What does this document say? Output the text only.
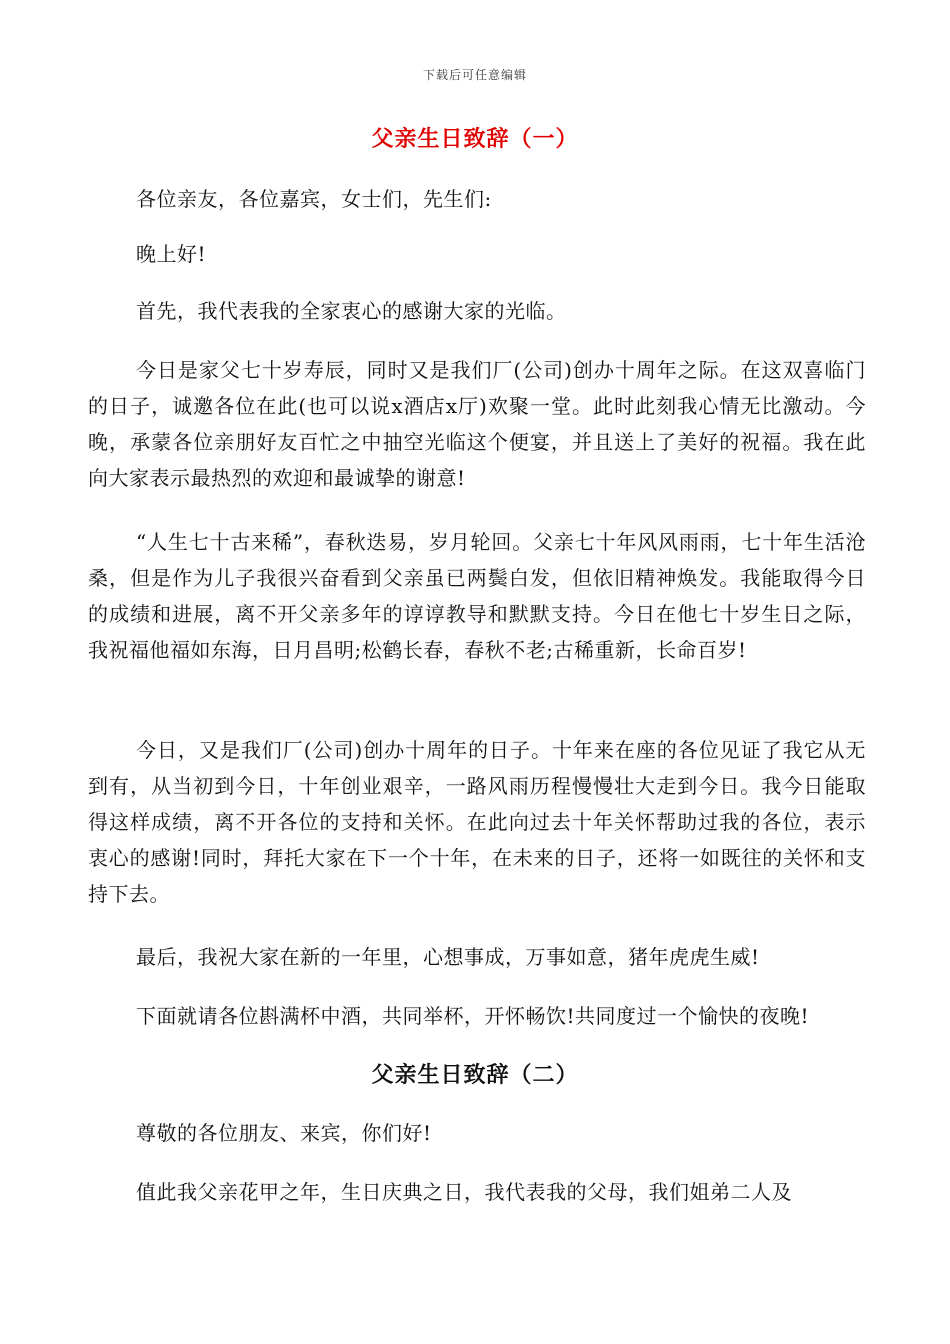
下载后可任意编辑
父亲生日致辞（一）

各位亲友，各位嘉宾，女士们，先生们:

晚上好!

首先，我代表我的全家衷心的感谢大家的光临。

今日是家父七十岁寿辰，同时又是我们厂(公司)创办十周年之际。在这双喜临门的日子，诚邀各位在此(也可以说x酒店x厅)欢聚一堂。此时此刻我心情无比激动。今晚，承蒙各位亲朋好友百忙之中抽空光临这个便宴，并且送上了美好的祝福。我在此向大家表示最热烈的欢迎和最诚挚的谢意!

“人生七十古来稀”，春秋迭易，岁月轮回。父亲七十年风风雨雨，七十年生活沧桑，但是作为儿子我很兴奋看到父亲虽已两鬓白发，但依旧精神焕发。我能取得今日的成绩和进展，离不开父亲多年的谆谆教导和默默支持。今日在他七十岁生日之际，我祝福他福如东海，日月昌明;松鹤长春，春秋不老;古稀重新，长命百岁!

今日，又是我们厂(公司)创办十周年的日子。十年来在座的各位见证了我它从无到有，从当初到今日，十年创业艰辛，一路风雨历程慢慢壮大走到今日。我今日能取得这样成绩，离不开各位的支持和关怀。在此向过去十年关怀帮助过我的各位，表示衷心的感谢!同时，拜托大家在下一个十年，在未来的日子，还将一如既往的关怀和支持下去。

最后，我祝大家在新的一年里，心想事成，万事如意，猪年虎虎生威!

下面就请各位斟满杯中酒，共同举杯，开怀畅饮!共同度过一个愉快的夜晚!

父亲生日致辞（二）

尊敬的各位朋友、来宾，你们好!

值此我父亲花甲之年，生日庆典之日，我代表我的父母，我们姐弟二人及
